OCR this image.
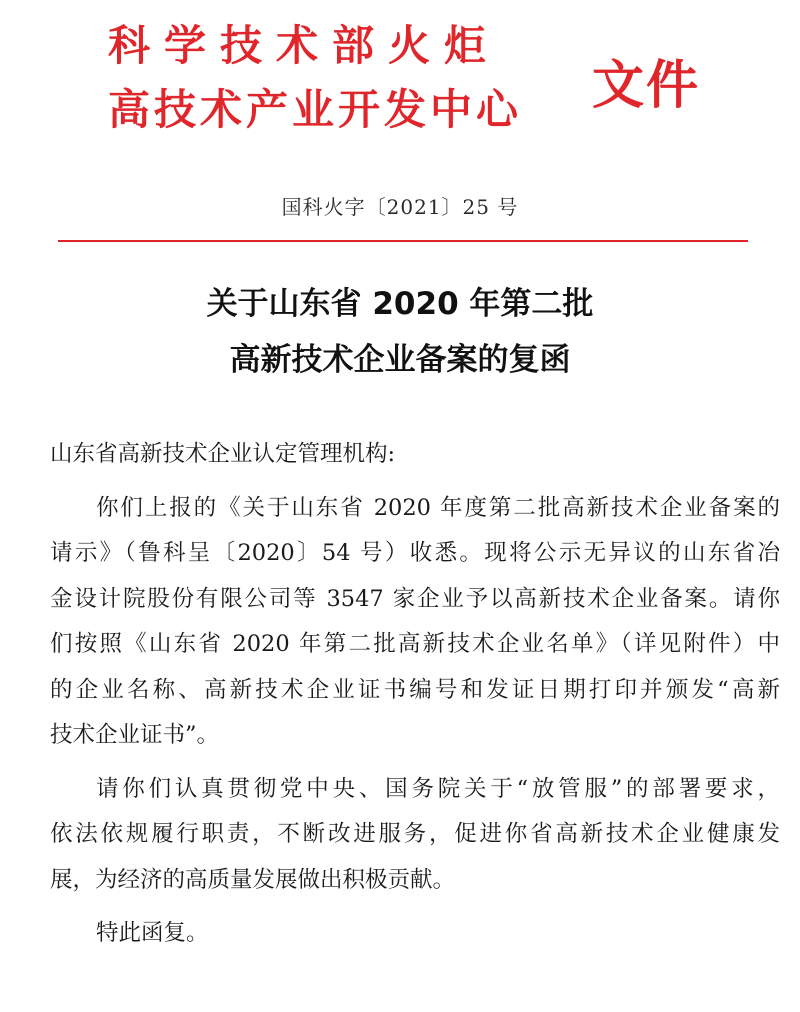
科学技术部火炬
高技术产业开发中心	文件
国科火字〔2021〕25 号
关于山东省 2020 年第二批
高新技术企业备案的复函
山东省高新技术企业认定管理机构:
你们上报的《关于山东省 2020 年度第二批高新技术企业备案的
请示》（鲁科呈〔2020〕54 号）收悉。现将公示无异议的山东省冶
金设计院股份有限公司等 3547 家企业予以高新技术企业备案。请你
们按照《山东省 2020 年第二批高新技术企业名单》（详见附件）中
的企业名称、高新技术企业证书编号和发证日期打印并颁发“高新
技术企业证书”。
请你们认真贯彻党中央、国务院关于“放管服”的部署要求，
依法依规履行职责，不断改进服务，促进你省高新技术企业健康发
展，为经济的高质量发展做出积极贡献。
特此函复。
